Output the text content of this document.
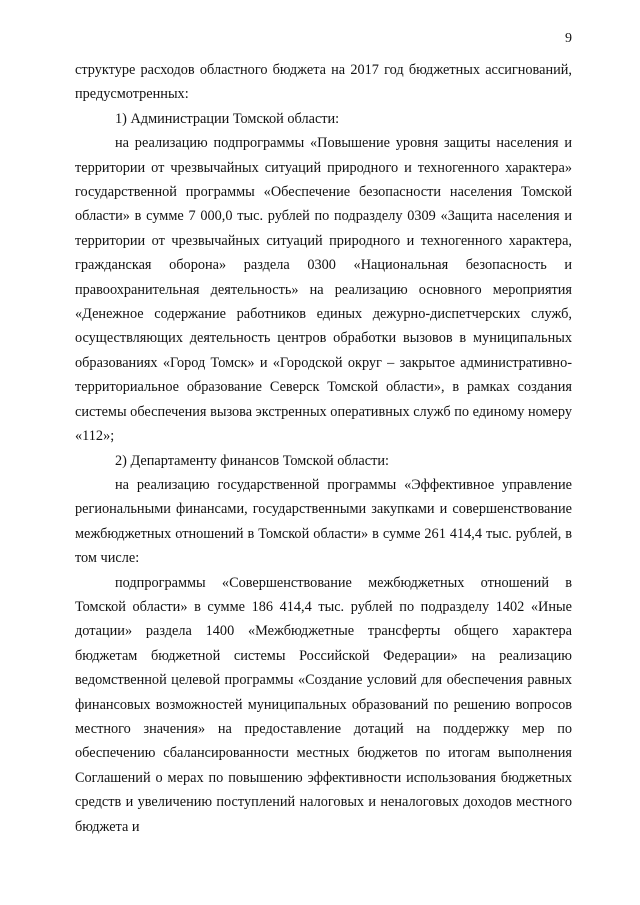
9

структуре расходов областного бюджета на 2017 год бюджетных ассигнований, предусмотренных:

1) Администрации Томской области:

на реализацию подпрограммы «Повышение уровня защиты населения и территории от чрезвычайных ситуаций природного и техногенного характера» государственной программы «Обеспечение безопасности населения Томской области» в сумме 7 000,0 тыс. рублей по подразделу 0309 «Защита населения и территории от чрезвычайных ситуаций природного и техногенного характера, гражданская оборона» раздела 0300 «Национальная безопасность и правоохранительная деятельность» на реализацию основного мероприятия «Денежное содержание работников единых дежурно-диспетчерских служб, осуществляющих деятельность центров обработки вызовов в муниципальных образованиях «Город Томск» и «Городской округ – закрытое административно-территориальное образование Северск Томской области», в рамках создания системы обеспечения вызова экстренных оперативных служб по единому номеру «112»;

2) Департаменту финансов Томской области:

на реализацию государственной программы «Эффективное управление региональными финансами, государственными закупками и совершенствование межбюджетных отношений в Томской области» в сумме 261 414,4 тыс. рублей, в том числе:

подпрограммы «Совершенствование межбюджетных отношений в Томской области» в сумме 186 414,4 тыс. рублей по подразделу 1402 «Иные дотации» раздела 1400 «Межбюджетные трансферты общего характера бюджетам бюджетной системы Российской Федерации» на реализацию ведомственной целевой программы «Создание условий для обеспечения равных финансовых возможностей муниципальных образований по решению вопросов местного значения» на предоставление дотаций на поддержку мер по обеспечению сбалансированности местных бюджетов по итогам выполнения Соглашений о мерах по повышению эффективности использования бюджетных средств и увеличению поступлений налоговых и неналоговых доходов местного бюджета и
